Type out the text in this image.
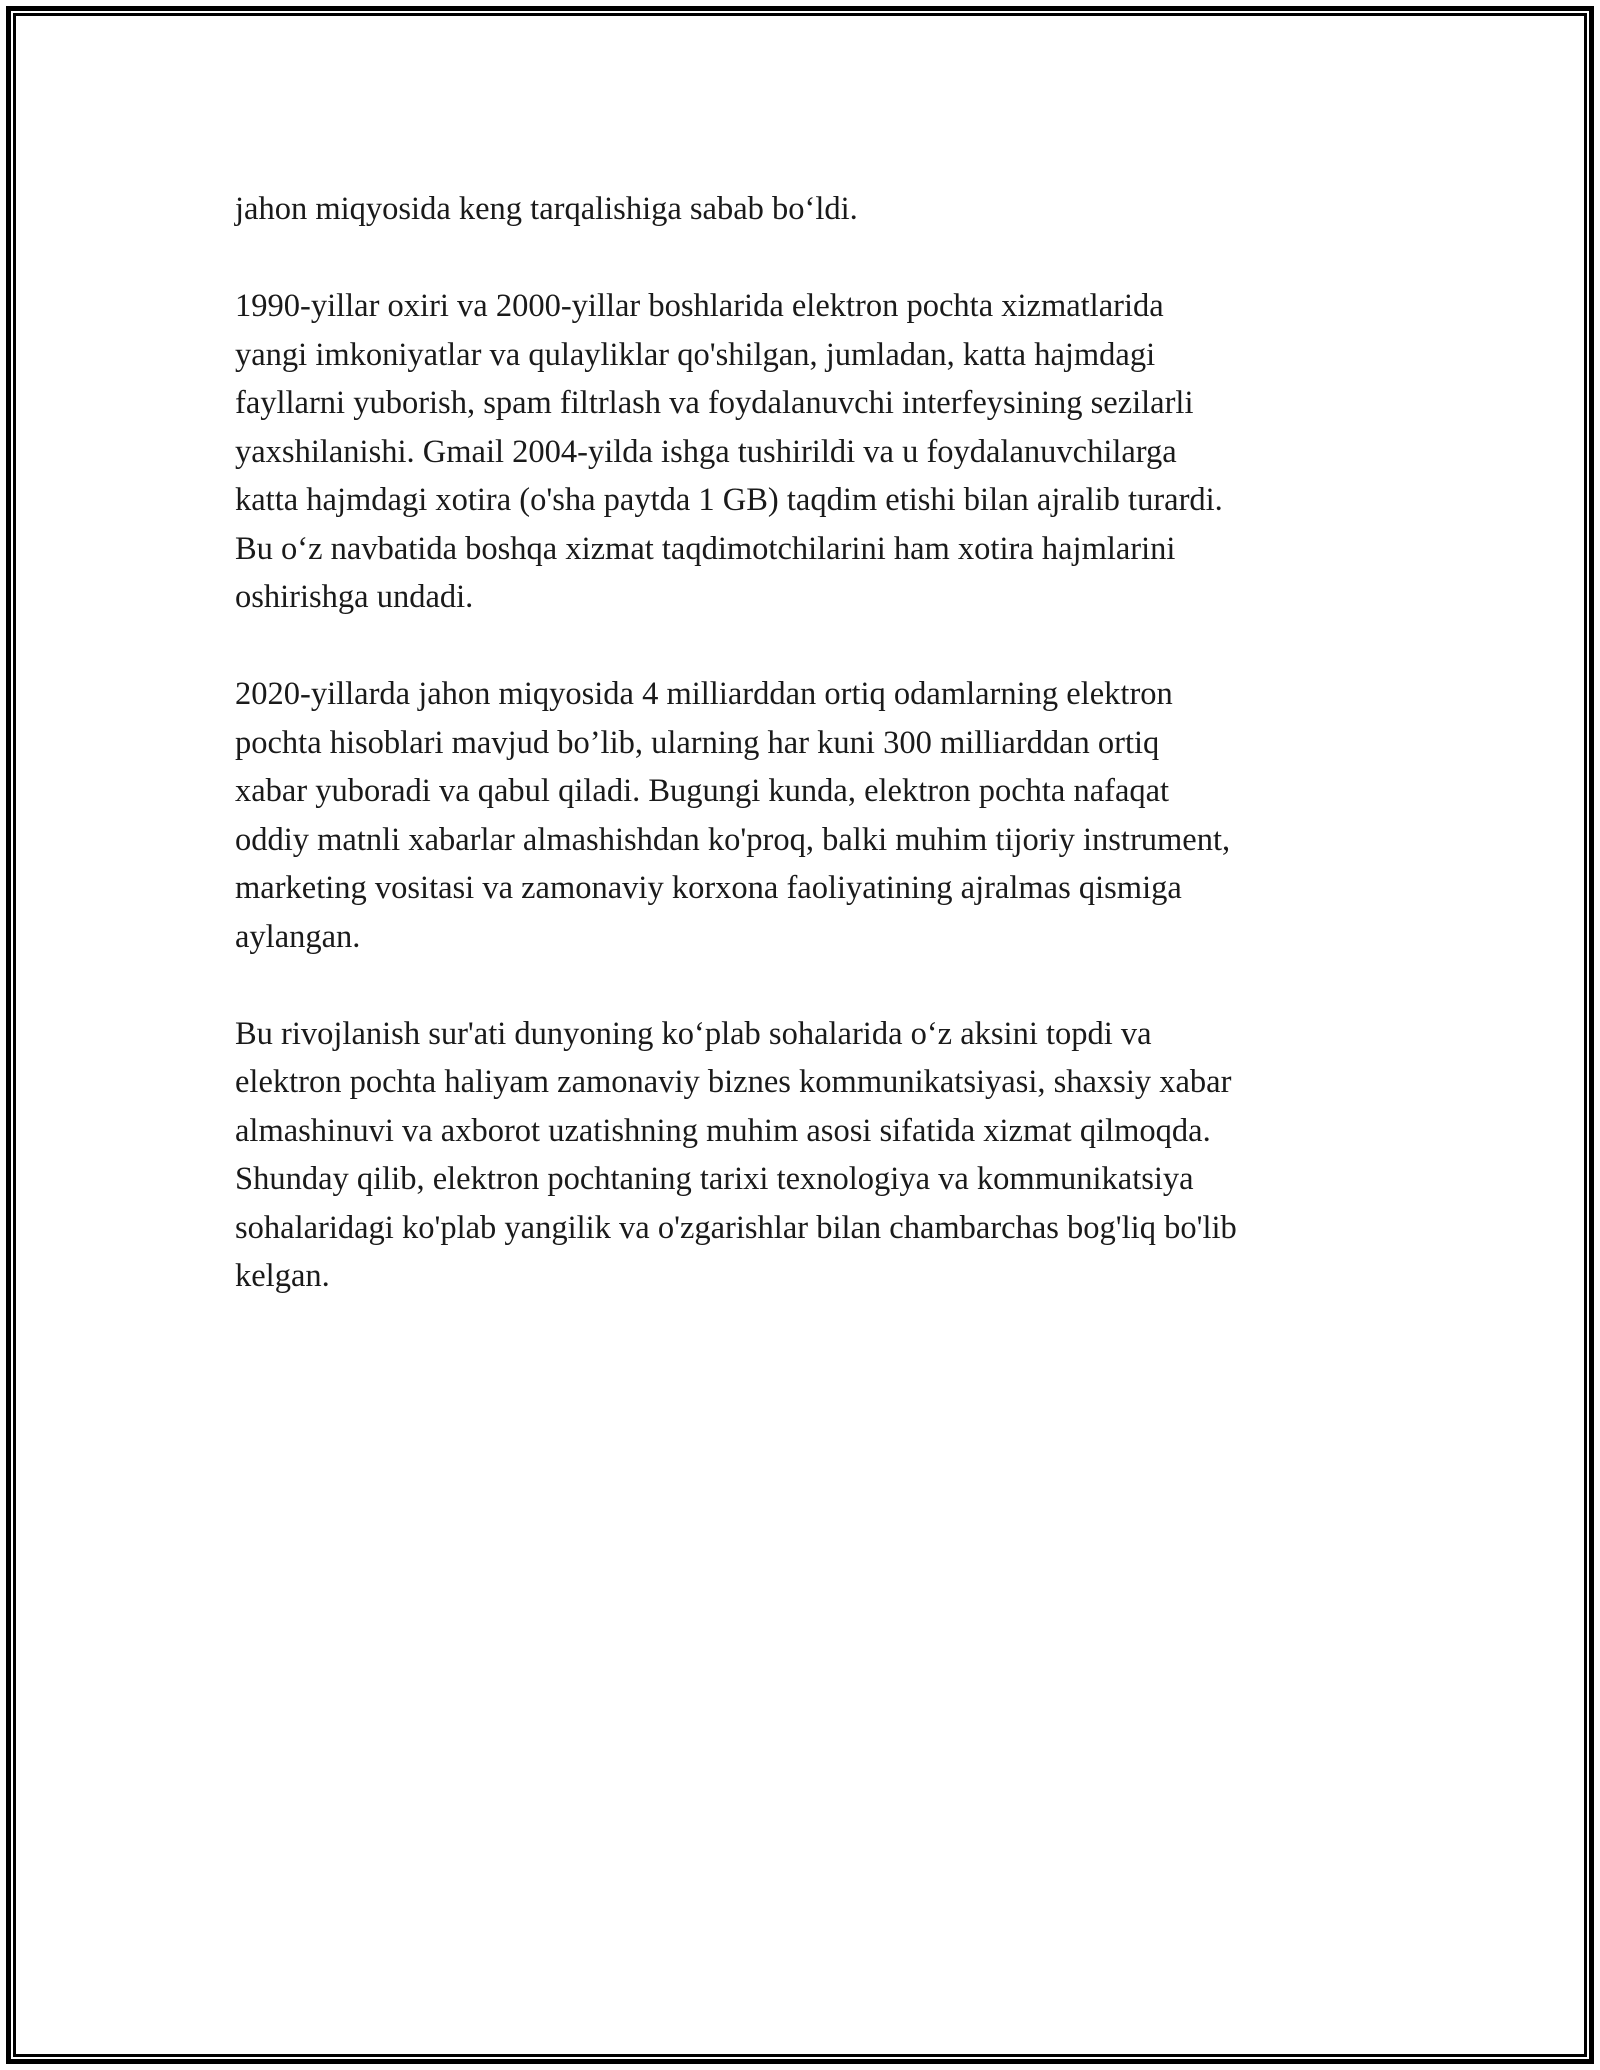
jahon miqyosida keng tarqalishiga sabab bo‘ldi.

1990-yillar oxiri va 2000-yillar boshlarida elektron pochta xizmatlarida
yangi imkoniyatlar va qulayliklar qo'shilgan, jumladan, katta hajmdagi
fayllarni yuborish, spam filtrlash va foydalanuvchi interfeysining sezilarli
yaxshilanishi. Gmail 2004-yilda ishga tushirildi va u foydalanuvchilarga
katta hajmdagi xotira (o'sha paytda 1 GB) taqdim etishi bilan ajralib turardi.
Bu o‘z navbatida boshqa xizmat taqdimotchilarini ham xotira hajmlarini
oshirishga undadi.

2020-yillarda jahon miqyosida 4 milliarddan ortiq odamlarning elektron
pochta hisoblari mavjud bo’lib, ularning har kuni 300 milliarddan ortiq
xabar yuboradi va qabul qiladi. Bugungi kunda, elektron pochta nafaqat
oddiy matnli xabarlar almashishdan ko'proq, balki muhim tijoriy instrument,
marketing vositasi va zamonaviy korxona faoliyatining ajralmas qismiga
aylangan.

Bu rivojlanish sur'ati dunyoning ko‘plab sohalarida o‘z aksini topdi va
elektron pochta haliyam zamonaviy biznes kommunikatsiyasi, shaxsiy xabar
almashinuvi va axborot uzatishning muhim asosi sifatida xizmat qilmoqda.
Shunday qilib, elektron pochtaning tarixi texnologiya va kommunikatsiya
sohalaridagi ko'plab yangilik va o'zgarishlar bilan chambarchas bog'liq bo'lib
kelgan.
